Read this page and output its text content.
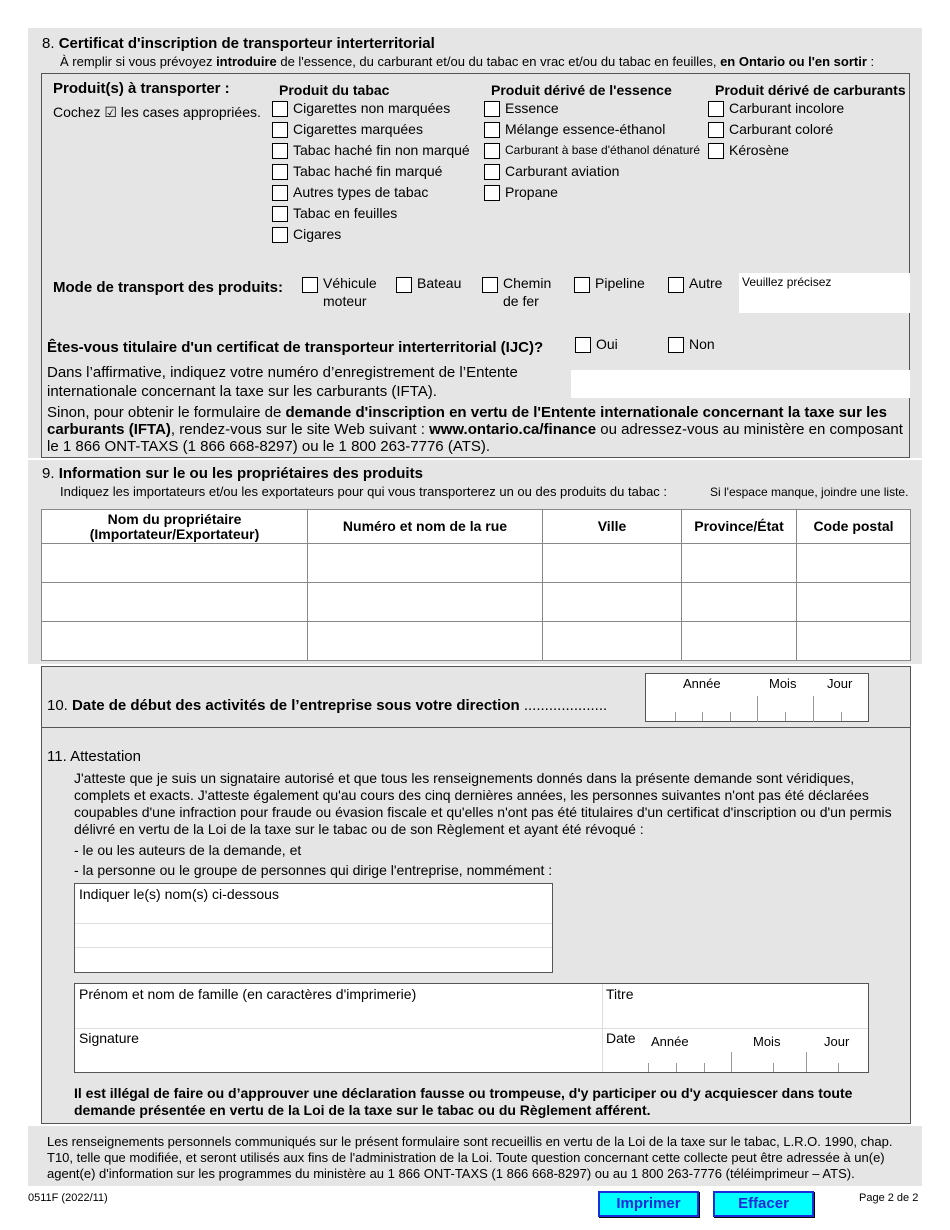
8. Certificat d'inscription de transporteur interterritorial
À remplir si vous prévoyez introduire de l'essence, du carburant et/ou du tabac en vrac et/ou du tabac en feuilles, en Ontario ou l'en sortir :
Produit(s) à transporter :
Cochez ☑ les cases appropriées.
Produit du tabac	Produit dérivé de l'essence	Produit dérivé de carburants
Cigarettes non marquées
Cigarettes marquées
Tabac haché fin non marqué
Tabac haché fin marqué
Autres types de tabac
Tabac en feuilles
Cigares
Essence
Mélange essence-éthanol
Carburant à base d'éthanol dénaturé
Carburant aviation
Propane
Carburant incolore
Carburant coloré
Kérosène
Mode de transport des produits:	Véhicule
moteur
Bateau	Chemin
de fer
Pipeline	Autre Veuillez précisez
Êtes-vous titulaire d'un certificat de transporteur interterritorial (IJC)?	Oui	Non
Dans l’affirmative, indiquez votre numéro d’enregistrement de l’Entente
internationale concernant la taxe sur les carburants (IFTA).
Sinon, pour obtenir le formulaire de demande d'inscription en vertu de l'Entente internationale concernant la taxe sur les carburants (IFTA), rendez-vous sur le site Web suivant : www.ontario.ca/finance ou adressez-vous au ministère en composant le 1 866 ONT-TAXS (1 866 668-8297) ou le 1 800 263-7776 (ATS).
9. Information sur le ou les propriétaires des produits
Indiquez les importateurs et/ou les exportateurs pour qui vous transporterez un ou des produits du tabac :	Si l'espace manque, joindre une liste.
Nom du propriétaire
(Importateur/Exportateur)	Numéro et nom de la rue	Ville	Province/État	Code postal

10. Date de début des activités de l’entreprise sous votre direction ....................
Année	Mois Jour
11. Attestation
J'atteste que je suis un signataire autorisé et que tous les renseignements donnés dans la présente demande sont véridiques, complets et exacts. J'atteste également qu'au cours des cinq dernières années, les personnes suivantes n'ont pas été déclarées coupables d'une infraction pour fraude ou évasion fiscale et qu'elles n'ont pas été titulaires d'un certificat d'inscription ou d'un permis délivré en vertu de la Loi de la taxe sur le tabac ou de son Règlement et ayant été révoqué :
- le ou les auteurs de la demande, et
- la personne ou le groupe de personnes qui dirige l'entreprise, nommément :
Indiquer le(s) nom(s) ci-dessous
Prénom et nom de famille (en caractères d'imprimerie)	Titre
Signature	Date Année	Mois	Jour
Il est illégal de faire ou d’approuver une déclaration fausse ou trompeuse, d'y participer ou d'y acquiescer dans toute demande présentée en vertu de la Loi de la taxe sur le tabac ou du Règlement afférent.
Les renseignements personnels communiqués sur le présent formulaire sont recueillis en vertu de la Loi de la taxe sur le tabac, L.R.O. 1990, chap. T10, telle que modifiée, et seront utilisés aux fins de l'administration de la Loi. Toute question concernant cette collecte peut être adressée à un(e) agent(e) d'information sur les programmes du ministère au 1 866 ONT-TAXS (1 866 668-8297) ou au 1 800 263-7776 (téléimprimeur – ATS).
0511F (2022/11)	Imprimer	Effacer	Page 2 de 2
